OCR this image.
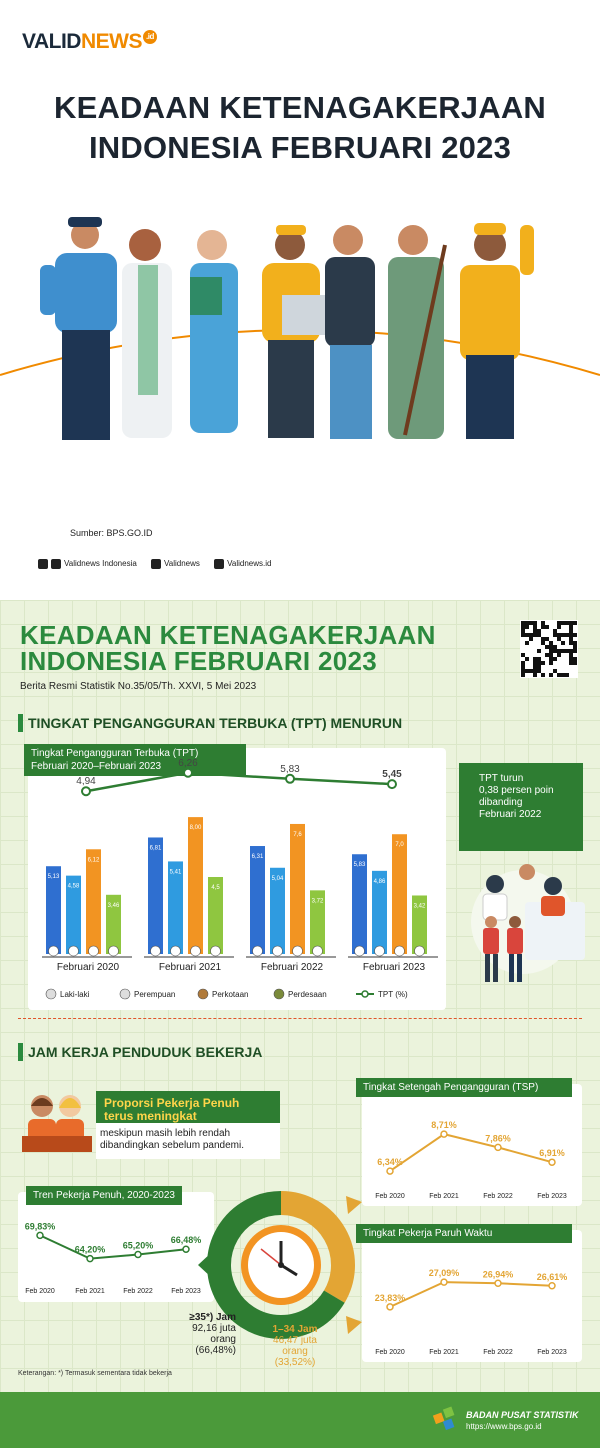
VALIDNEWS .id
KEADAAN KETENAGAKERJAAN
INDONESIA FEBRUARI 2023
Sumber: BPS.GO.ID
Validnews Indonesia	Validnews	Validnews.id
KEADAAN KETENAGAKERJAAN
INDONESIA FEBRUARI 2023
Berita Resmi Statistik No.35/05/Th. XXVI, 5 Mei 2023
TINGKAT PENGANGGURAN TERBUKA (TPT) MENURUN
Tingkat Pengangguran Terbuka (TPT)
Februari 2020–Februari 2023
5,13
4,58
6,12
3,46
Februari 2020
6,81
5,41
8,00
4,5
Februari 2021
6,31
5,04
7,6
3,72
Februari 2022
5,83
4,86
7,0
3,42
Februari 2023
4,94
6,26
5,83	5,45
Laki-laki	Perempuan	Perkotaan	Perdesaan	TPT (%)
TPT turun
0,38 persen poin
dibanding
Februari 2022
JAM KERJA PENDUDUK BEKERJA
Proporsi Pekerja Penuh
terus meningkat
meskipun masih lebih rendah
dibandingkan sebelum pandemi.
Tren Pekerja Penuh, 2020-2023
69,83%
Feb 2020
64,20%
Feb 2021
65,20%
Feb 2022
66,48%
Feb 2023
Tingkat Setengah Pengangguran (TSP)
6,34%
Feb 2020
8,71%
Feb 2021
7,86%
Feb 2022
6,91%
Feb 2023
Tingkat Pekerja Paruh Waktu
23,83%
Feb 2020
27,09%
Feb 2021
26,94%
Feb 2022
26,61%
Feb 2023
≥35*) Jam
92,16 juta
orang
(66,48%)
1–34 Jam
46,47 juta
orang
(33,52%)
Keterangan: *) Termasuk sementara tidak bekerja
BADAN PUSAT STATISTIK
https://www.bps.go.id
